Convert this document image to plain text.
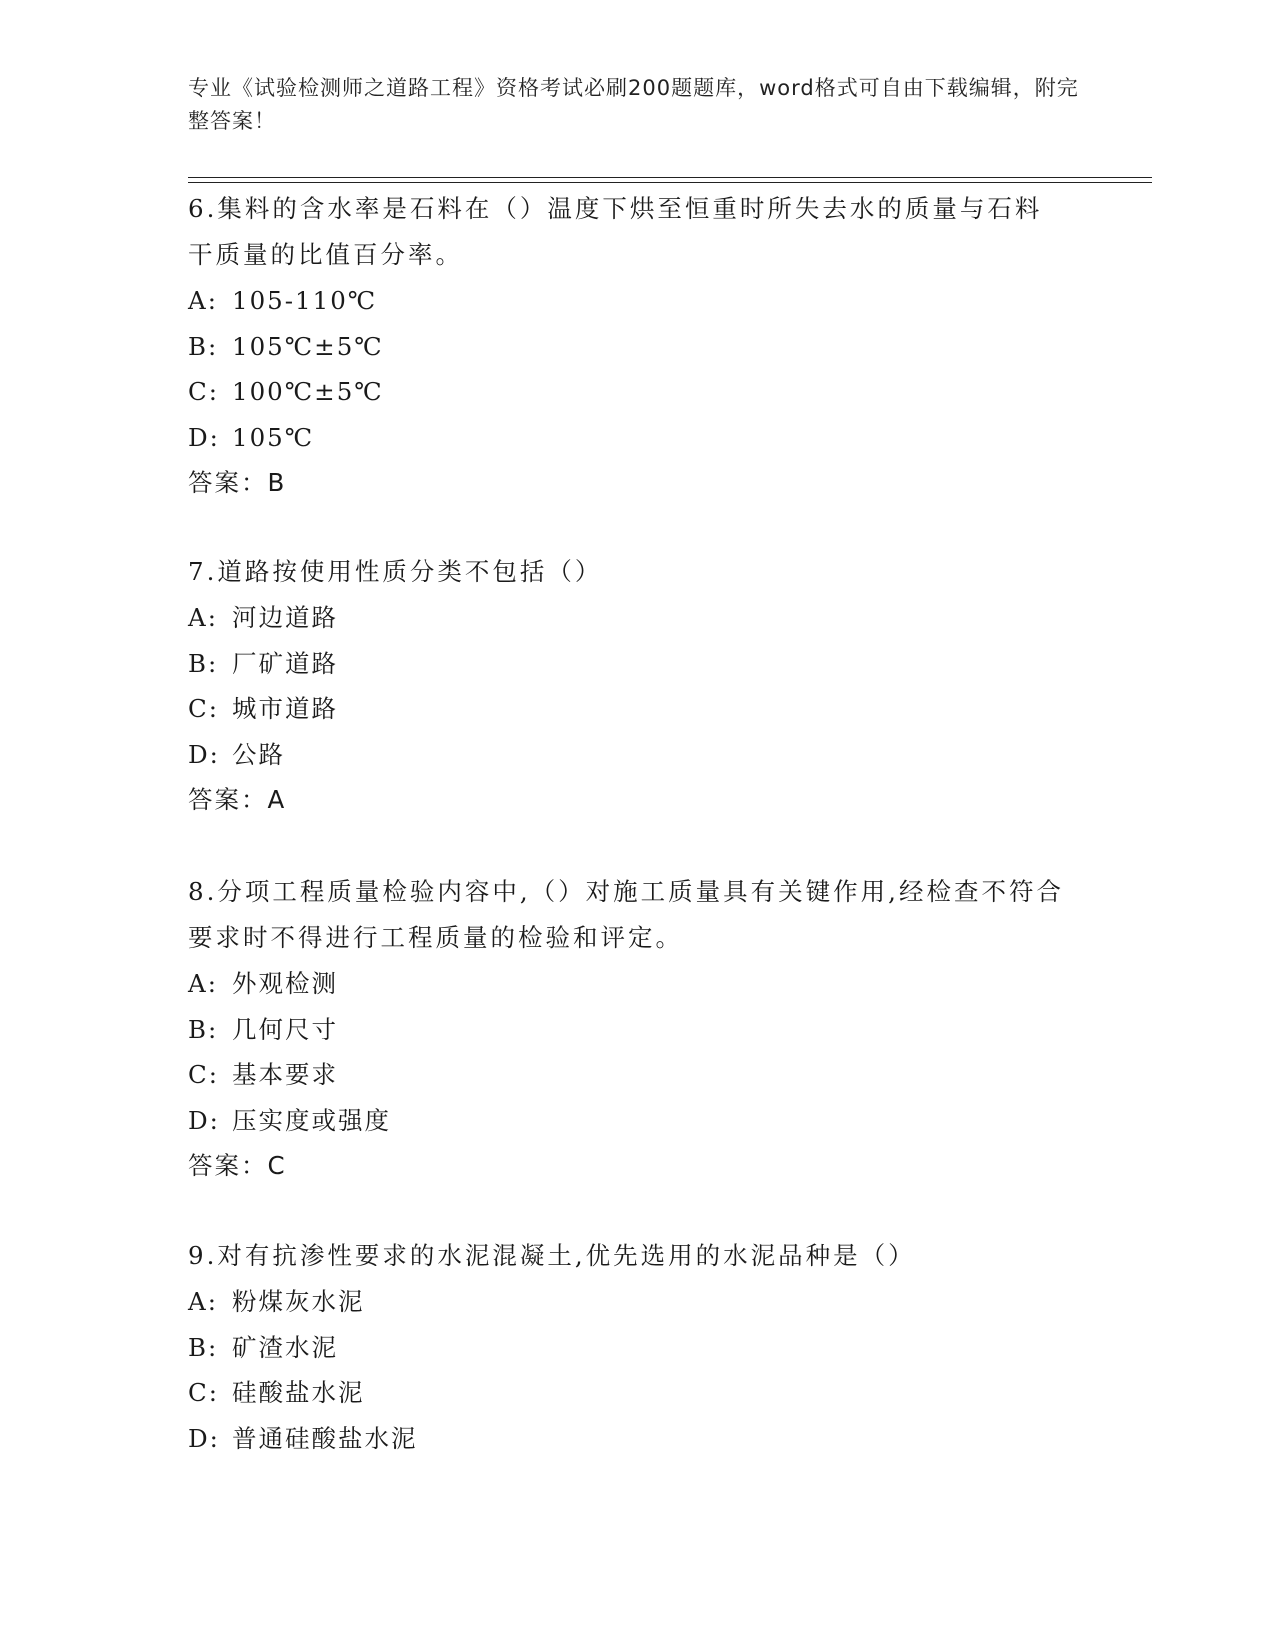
专业《试验检测师之道路工程》资格考试必刷200题题库，word格式可自由下载编辑，附完整答案！

6.集料的含水率是石料在（）温度下烘至恒重时所失去水的质量与石料干质量的比值百分率。

A: 105-110℃

B: 105℃±5℃

C: 100℃±5℃

D: 105℃

答案：B

7.道路按使用性质分类不包括（）

A: 河边道路

B: 厂矿道路

C: 城市道路

D: 公路

答案：A

8.分项工程质量检验内容中,（）对施工质量具有关键作用,经检查不符合要求时不得进行工程质量的检验和评定。

A: 外观检测

B: 几何尺寸

C: 基本要求

D: 压实度或强度

答案：C

9.对有抗渗性要求的水泥混凝土,优先选用的水泥品种是（）

A: 粉煤灰水泥

B: 矿渣水泥

C: 硅酸盐水泥

D: 普通硅酸盐水泥
